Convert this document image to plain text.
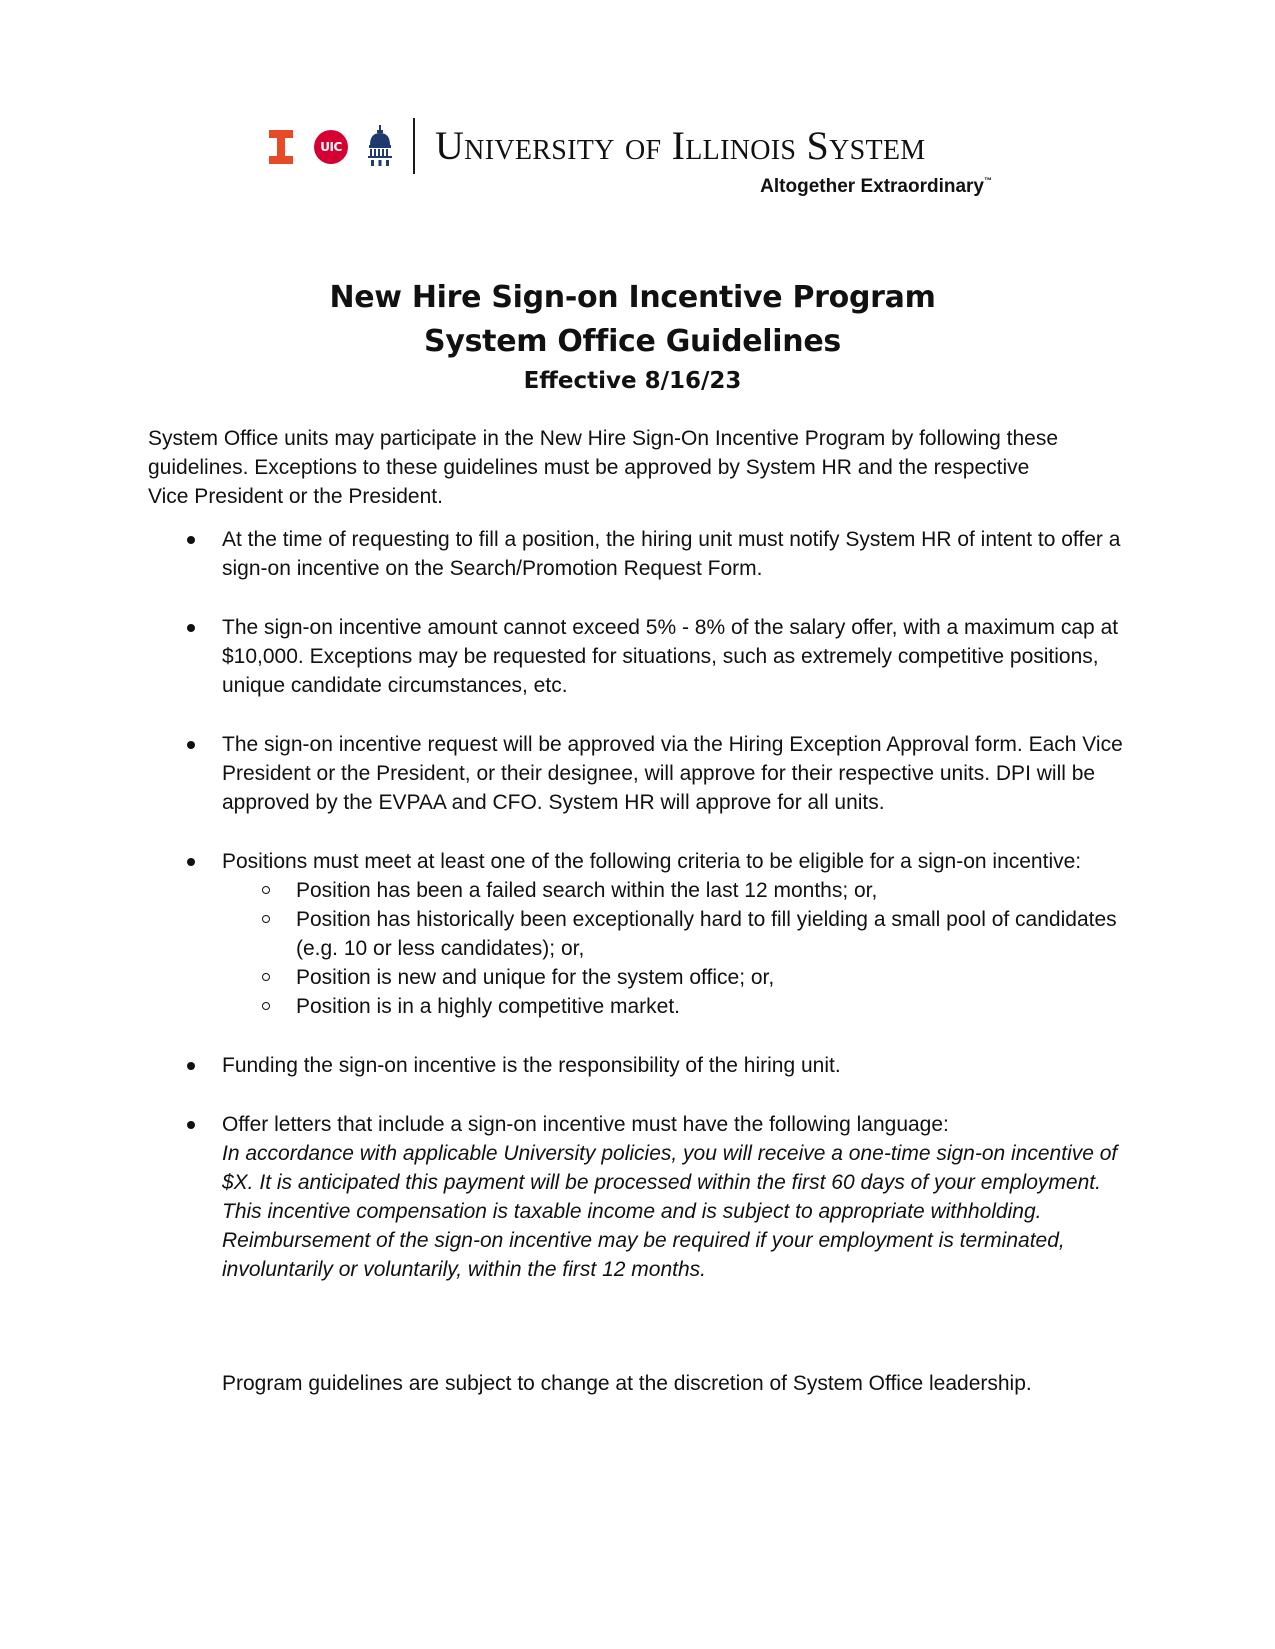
UIC University of Illinois System
Altogether Extraordinary™
New Hire Sign-on Incentive Program
System Office Guidelines
Effective 8/16/23

System Office units may participate in the New Hire Sign-On Incentive Program by following these guidelines. Exceptions to these guidelines must be approved by System HR and the respective Vice President or the President.

At the time of requesting to fill a position, the hiring unit must notify System HR of intent to offer a sign-on incentive on the Search/Promotion Request Form.
The sign-on incentive amount cannot exceed 5% - 8% of the salary offer, with a maximum cap at $10,000. Exceptions may be requested for situations, such as extremely competitive positions, unique candidate circumstances, etc.
The sign-on incentive request will be approved via the Hiring Exception Approval form. Each Vice President or the President, or their designee, will approve for their respective units. DPI will be approved by the EVPAA and CFO. System HR will approve for all units.
Positions must meet at least one of the following criteria to be eligible for a sign-on incentive:
Position has been a failed search within the last 12 months; or,
Position has historically been exceptionally hard to fill yielding a small pool of candidates (e.g. 10 or less candidates); or,
Position is new and unique for the system office; or,
Position is in a highly competitive market.
Funding the sign-on incentive is the responsibility of the hiring unit.
Offer letters that include a sign-on incentive must have the following language:
In accordance with applicable University policies, you will receive a one-time sign-on incentive of $X. It is anticipated this payment will be processed within the first 60 days of your employment. This incentive compensation is taxable income and is subject to appropriate withholding. Reimbursement of the sign-on incentive may be required if your employment is terminated, involuntarily or voluntarily, within the first 12 months.

Program guidelines are subject to change at the discretion of System Office leadership.
